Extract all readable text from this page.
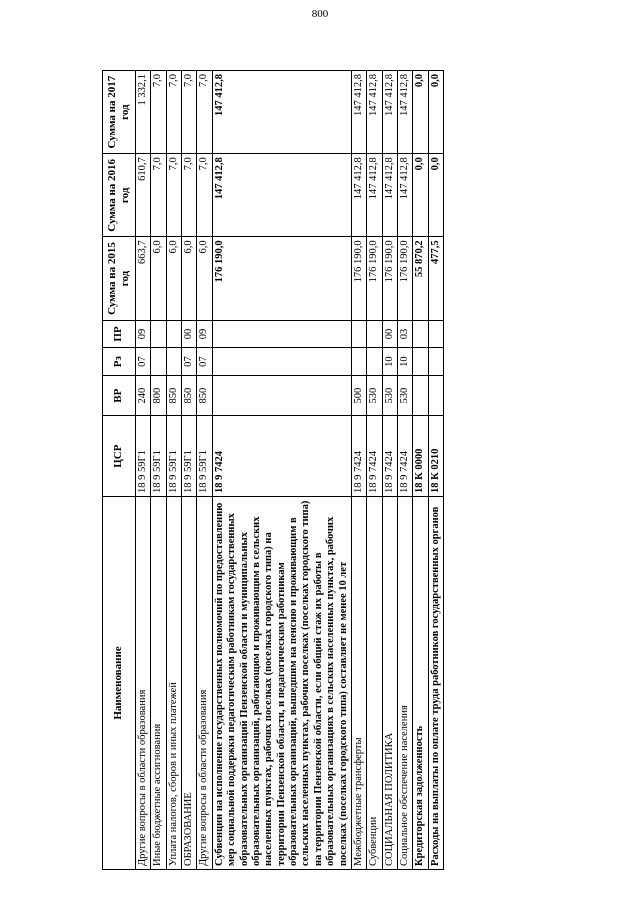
800
Наименование	ЦСР	ВР	Рз	ПР	Сумма на 2015 год	Сумма на 2016 год	Сумма на 2017 год
Другие вопросы в области образования	18 9 59Г1	240	07	09	663,7	610,7	1 332,1
Иные бюджетные ассигнования	18 9 59Г1	800			6,0	7,0	7,0
Уплата налогов, сборов и иных платежей	18 9 59Г1	850			6,0	7,0	7,0
ОБРАЗОВАНИЕ	18 9 59Г1	850	07	00	6,0	7,0	7,0
Другие вопросы в области образования	18 9 59Г1	850	07	09	6,0	7,0	7,0
Субвенции на исполнение государственных полномочий по предоставлению мер социальной поддержки педагогическим работникам государственных образовательных организаций Пензенской области и муниципальных образовательных организаций, работающим и проживающим в сельских населенных пунктах, рабочих поселках (поселках городского типа) на территории Пензенской области, и педагогическим работникам образовательных организаций, вышедшим на пенсию и проживающим в сельских населенных пунктах, рабочих поселках (поселках городского типа) на территории Пензенской области, если общий стаж их работы в образовательных организациях в сельских населенных пунктах, рабочих поселках (поселках городского типа) составляет не менее 10 лет	18 9 7424				176 190,0	147 412,8	147 412,8
Межбюджетные трансферты	18 9 7424	500			176 190,0	147 412,8	147 412,8
Субвенции	18 9 7424	530			176 190,0	147 412,8	147 412,8
СОЦИАЛЬНАЯ ПОЛИТИКА	18 9 7424	530	10	00	176 190,0	147 412,8	147 412,8
Социальное обеспечение населения	18 9 7424	530	10	03	176 190,0	147 412,8	147 412,8
Кредиторская задолженность	18 К 0000				55 870,2	0,0	0,0
Расходы на выплаты по оплате труда работников государственных органов	18 К 0210				477,5	0,0	0,0
